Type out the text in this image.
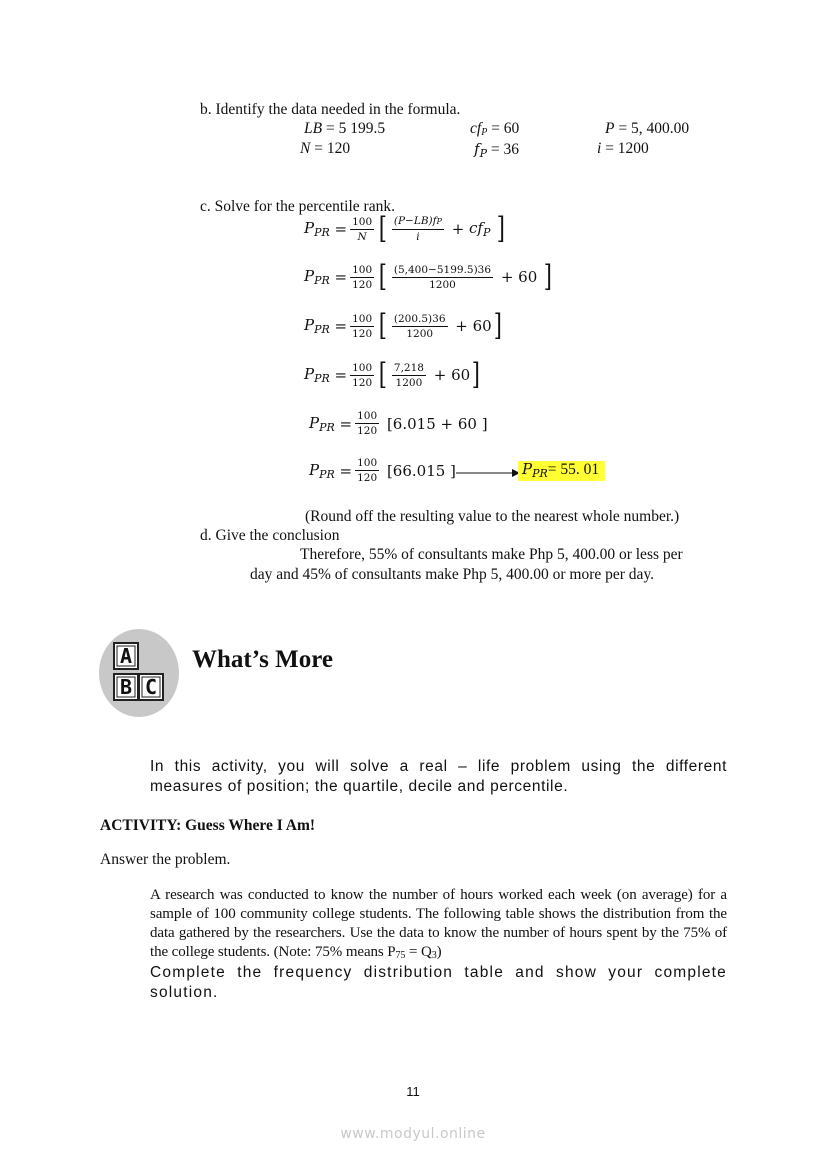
b. Identify the data needed in the formula.
LB = 5 199.5	cfP = 60	P = 5, 400.00
N = 120	$f_P = 36$	i = 1200
c. Solve for the percentile rank.
$P_{PR} = \frac{100}{N}$ [ $\frac{(P-LB)fP}{i} + cf_P$
]
$P_{PR} = \frac{100}{120}$ [ $\frac{(5,400-5199.5)36}{1200}$
+ 60
]
$P_{PR} = \frac{100}{120}$ [ $\frac{(200.5)36}{1200}$
+ 60 ]
$P_{PR} = \frac{100}{120}$ [ $\frac{7,218}{1200}$
+ 60 ]
$P_{PR} = \frac{100}{120}$
[6.015 + 60 ]
$P_{PR} = \frac{100}{120}$
[66.015 ]	$P_{PR}= 55$. 01
(Round off the resulting value to the nearest whole number.)
d. Give the conclusion
Therefore, 55% of consultants make Php 5, 400.00 or less per
day and 45% of consultants make Php 5, 400.00 or more per day.
A
B C
What’s More
In this activity, you will solve a real – life problem using the different measures of position; the quartile, decile and percentile.
ACTIVITY: Guess Where I Am!
Answer the problem.
A research was conducted to know the number of hours worked each week (on average) for a sample of 100 community college students. The following table shows the distribution from the data gathered by the researchers. Use the data to know the number of hours spent by the 75% of the college students. (Note: 75% means P75 = Q3)
Complete the frequency distribution table and show your complete solution.
11
www.modyul.online
